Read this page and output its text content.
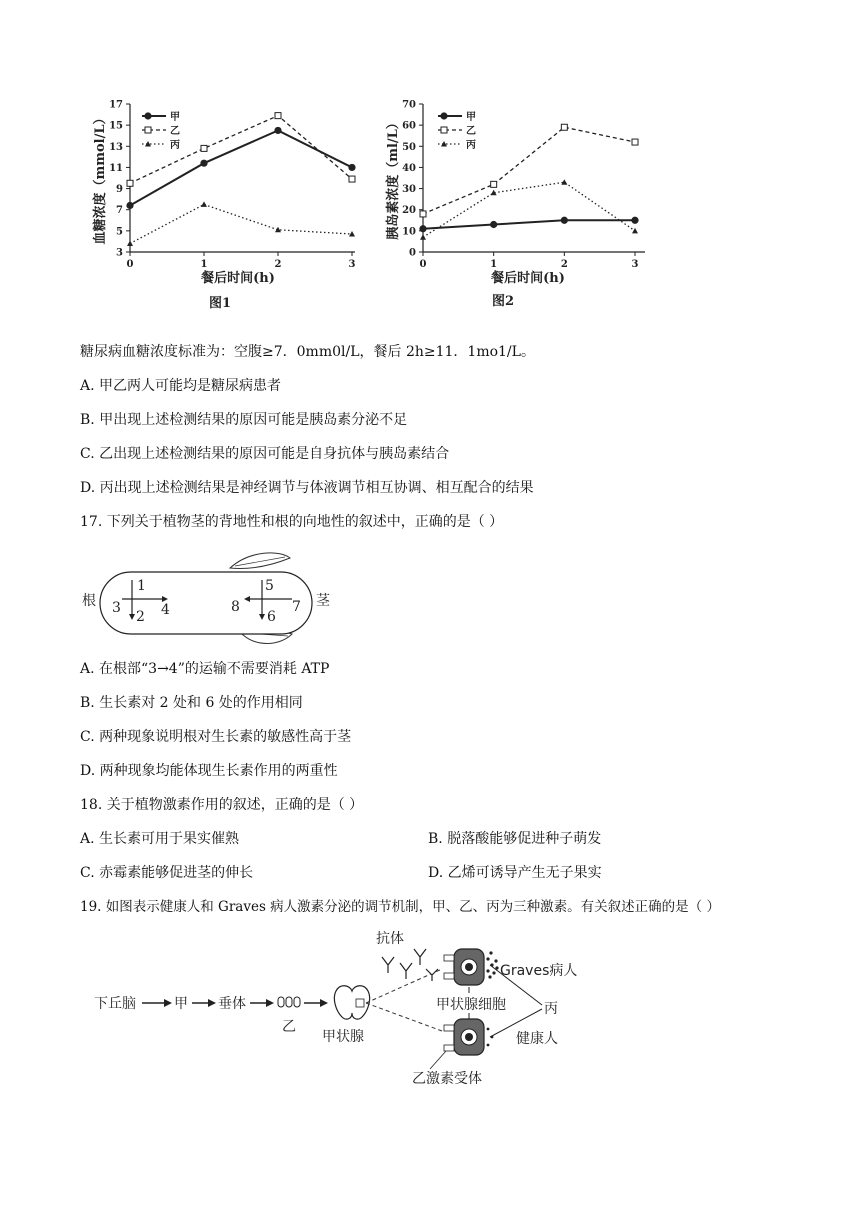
3
5
7
9
11
13
15
17
0	1	2	3
血糖浓度（mmol/L）
餐后时间(h)
图1
甲
乙
丙
0
10
20
30
40
50
60
70
0	1	2	3
胰岛素浓度（ml/L）
餐后时间(h)
图2
甲
乙
丙
糖尿病血糖浓度标准为：空腹≥7．0mm0l/L，餐后 2h≥11．1mo1/L。
A. 甲乙两人可能均是糖尿病患者
B. 甲出现上述检测结果的原因可能是胰岛素分泌不足
C. 乙出现上述检测结果的原因可能是自身抗体与胰岛素结合
D. 丙出现上述检测结果是神经调节与体液调节相互协调、相互配合的结果
17. 下列关于植物茎的背地性和根的向地性的叙述中，正确的是（ ）
根	茎
1
2
3	4
5
6
7
8
A. 在根部“3→4”的运输不需要消耗 ATP
B. 生长素对 2 处和 6 处的作用相同
C. 两种现象说明根对生长素的敏感性高于茎
D. 两种现象均能体现生长素作用的两重性
18. 关于植物激素作用的叙述，正确的是（ ）
A. 生长素可用于果实催熟	B. 脱落酸能够促进种子萌发
C. 赤霉素能够促进茎的伸长	D. 乙烯可诱导产生无子果实
19. 如图表示健康人和 Graves 病人激素分泌的调节机制，甲、乙、丙为三种激素。有关叙述正确的是（ ）
下丘脑	甲 垂体
乙
甲状腺
抗体
Graves病人
甲状腺细胞	丙
健康人
乙激素受体
